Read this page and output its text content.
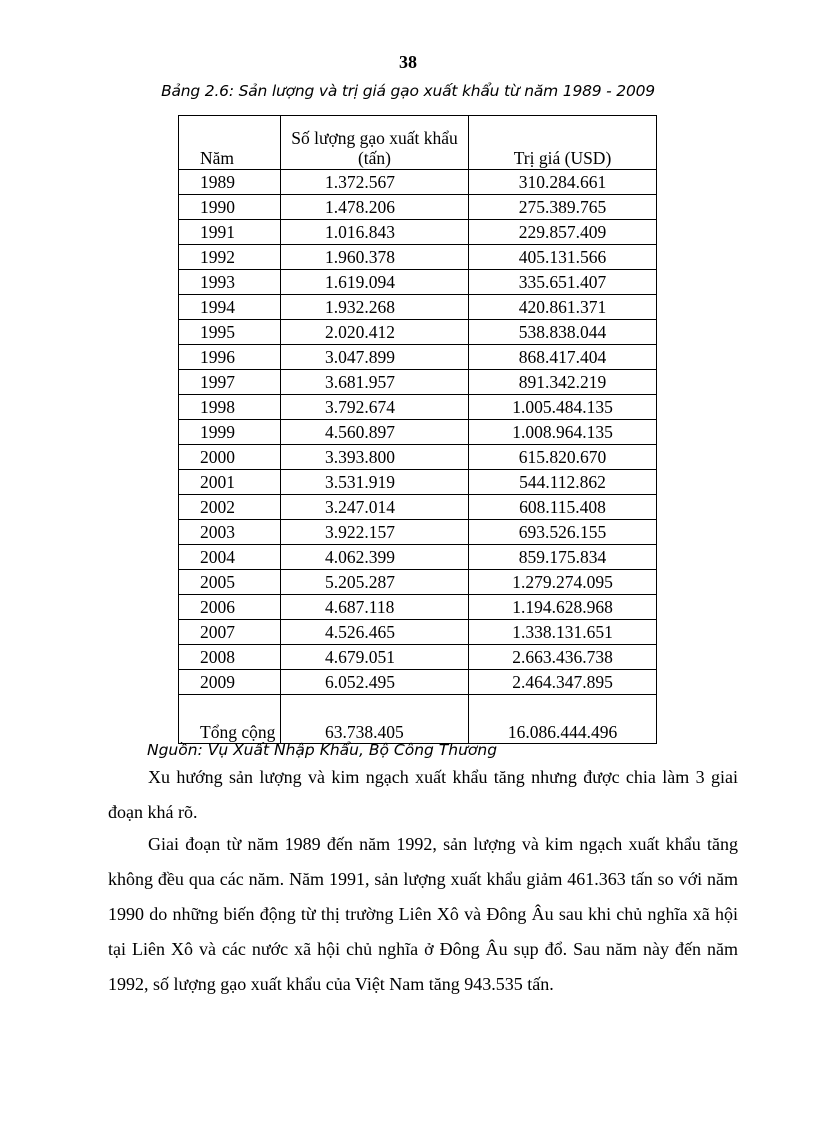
38
Bảng 2.6: Sản lượng và trị giá gạo xuất khẩu từ năm 1989 - 2009
Năm	Số lượng gạo xuất khẩu (tấn)	Trị giá (USD)
1989	1.372.567	310.284.661
1990	1.478.206	275.389.765
1991	1.016.843	229.857.409
1992	1.960.378	405.131.566
1993	1.619.094	335.651.407
1994	1.932.268	420.861.371
1995	2.020.412	538.838.044
1996	3.047.899	868.417.404
1997	3.681.957	891.342.219
1998	3.792.674	1.005.484.135
1999	4.560.897	1.008.964.135
2000	3.393.800	615.820.670
2001	3.531.919	544.112.862
2002	3.247.014	608.115.408
2003	3.922.157	693.526.155
2004	4.062.399	859.175.834
2005	5.205.287	1.279.274.095
2006	4.687.118	1.194.628.968
2007	4.526.465	1.338.131.651
2008	4.679.051	2.663.436.738
2009	6.052.495	2.464.347.895
Tổng cộng	63.738.405	16.086.444.496
Nguồn: Vụ Xuất Nhập Khẩu, Bộ Công Thương
Xu hướng sản lượng và kim ngạch xuất khẩu tăng nhưng được chia làm 3 giai đoạn khá rõ.
Giai đoạn từ năm 1989 đến năm 1992, sản lượng và kim ngạch xuất khẩu tăng không đều qua các năm. Năm 1991, sản lượng xuất khẩu giảm 461.363 tấn so với năm 1990 do những biến động từ thị trường Liên Xô và Đông Âu sau khi chủ nghĩa xã hội tại Liên Xô và các nước xã hội chủ nghĩa ở Đông Âu sụp đổ. Sau năm này đến năm 1992, số lượng gạo xuất khẩu của Việt Nam tăng 943.535 tấn.
